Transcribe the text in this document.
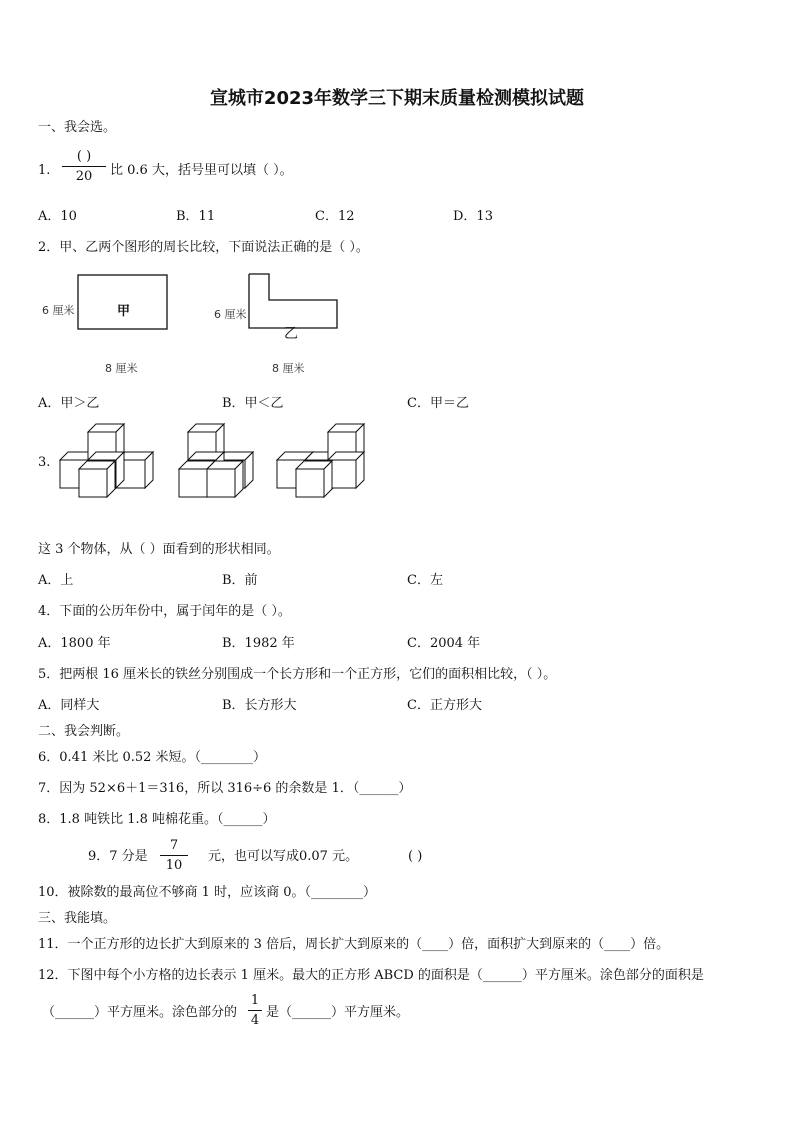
宣城市2023年数学三下期末质量检测模拟试题
一、我会选。
1.
( )
20	比 0.6 大，括号里可以填（ ）。
A．10	B．11	C．12	D．13
2．甲、乙两个图形的周长比较，下面说法正确的是（ ）。
甲
6 厘米
8 厘米
乙
6 厘米
8 厘米
A．甲＞乙	B．甲＜乙	C．甲＝乙
3.
这 3 个物体，从（ ）面看到的形状相同。
A．上	B．前	C．左
4．下面的公历年份中，属于闰年的是（ ）。
A．1800 年	B．1982 年	C．2004 年
5．把两根 16 厘米长的铁丝分别围成一个长方形和一个正方形，它们的面积相比较，（ ）。
A．同样大	B．长方形大	C．正方形大
二、我会判断。
6．0.41 米比 0.52 米短。（________）
7．因为 52×6＋1＝316，所以 316÷6 的余数是 1．（______）
8．1.8 吨铁比 1.8 吨棉花重。（______）
9．7 分是
7
10
元，也可以写成0.07 元。	( )
10．被除数的最高位不够商 1 时，应该商 0。（________）
三、我能填。
11．一个正方形的边长扩大到原来的 3 倍后，周长扩大到原来的（____）倍，面积扩大到原来的（____）倍。
12．下图中每个小方格的边长表示 1 厘米。最大的正方形 ABCD 的面积是（______）平方厘米。涂色部分的面积是
（______）平方厘米。涂色部分的
1
4
是（______）平方厘米。
